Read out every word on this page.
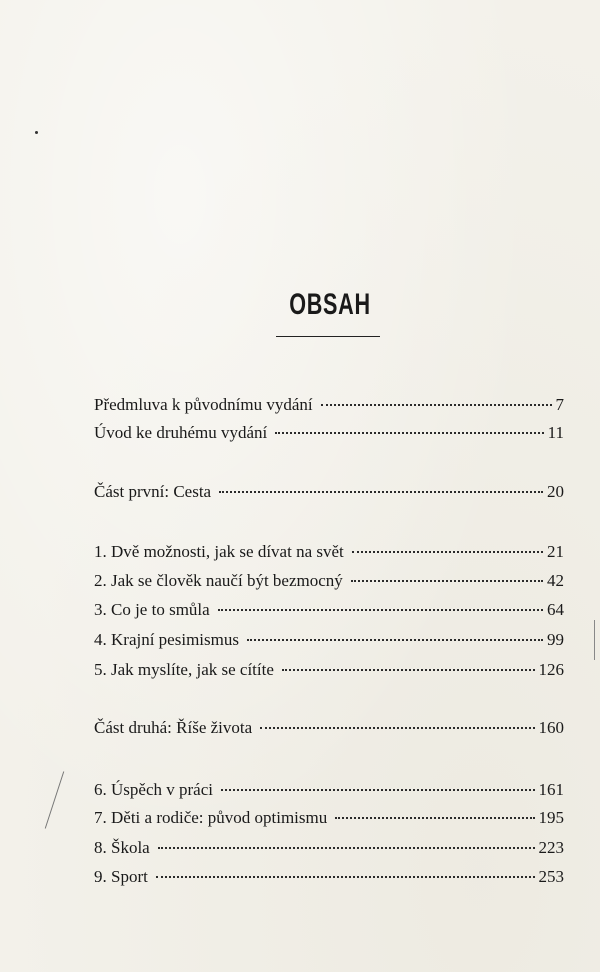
OBSAH
Předmluva k původnímu vydání	7
Úvod ke druhému vydání	11
Část první: Cesta	20
1. Dvě možnosti, jak se dívat na svět	21
2. Jak se člověk naučí být bezmocný	42
3. Co je to smůla	64
4. Krajní pesimismus	99
5. Jak myslíte, jak se cítíte	126
Část druhá: Říše života	160
6. Úspěch v práci	161
7. Děti a rodiče: původ optimismu	195
8. Škola	223
9. Sport	253
